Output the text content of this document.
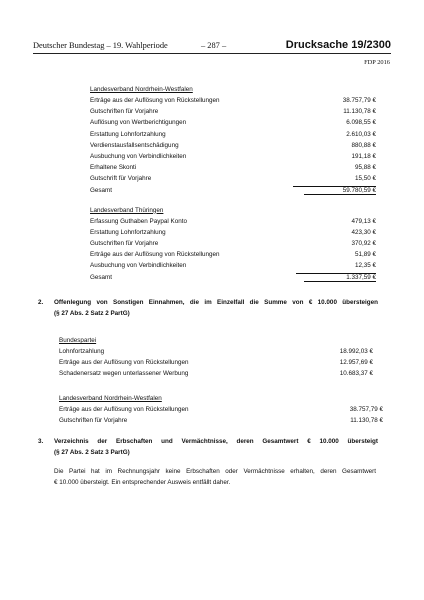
Deutscher Bundestag – 19. Wahlperiode	– 287 –	Drucksache 19/2300
FDP 2016
Landesverband Nordrhein-Westfalen
Erträge aus der Auflösung von Rückstellungen	38.757,79 €
Gutschriften für Vorjahre	11.130,78 €
Auflösung von Wertberichtigungen	6.098,55 €
Erstattung Lohnfortzahlung	2.610,03 €
Verdienstausfallsentschädigung	880,88 €
Ausbuchung von Verbindlichkeiten	191,18 €
Erhaltene Skonti	95,88 €
Gutschrift für Vorjahre	15,50 €
Gesamt	59.780,59 €
Landesverband Thüringen
Erfassung Guthaben Paypal Konto	479,13 €
Erstattung Lohnfortzahlung	423,30 €
Gutschriften für Vorjahre	370,92 €
Erträge aus der Auflösung von Rückstellungen	51,89 €
Ausbuchung von Verbindlichkeiten	12,35 €
Gesamt	1.337,59 €
2. Offenlegung von Sonstigen Einnahmen, die im Einzelfall die Summe von € 10.000 übersteigen
(§ 27 Abs. 2 Satz 2 PartG)
Bundespartei
Lohnfortzahlung	18.992,03 €
Erträge aus der Auflösung von Rückstellungen	12.957,69 €
Schadenersatz wegen unterlassener Werbung	10.683,37 €
Landesverband Nordrhein-Westfalen
Erträge aus der Auflösung von Rückstellungen	38.757,79 €
Gutschriften für Vorjahre	11.130,78 €
3. Verzeichnis der Erbschaften und Vermächtnisse, deren Gesamtwert € 10.000 übersteigt
(§ 27 Abs. 2 Satz 3 PartG)
Die Partei hat im Rechnungsjahr keine Erbschaften oder Vermächtnisse erhalten, deren Gesamtwert
€ 10.000 übersteigt. Ein entsprechender Ausweis entfällt daher.
